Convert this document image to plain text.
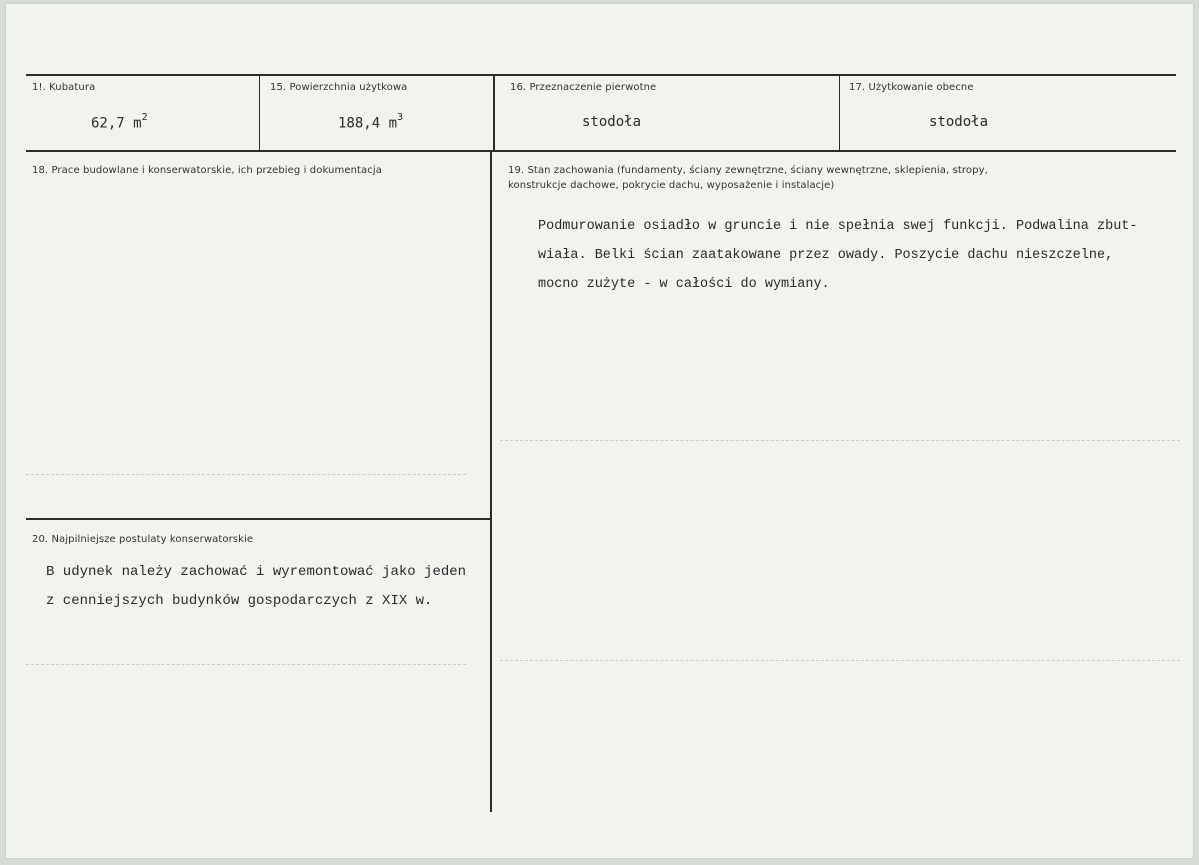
1!. Kubatura
62,7 $m^2$
15. Powierzchnia użytkowa
188,4 $m^3$
16. Przeznaczenie pierwotne
stodoła
17. Użytkowanie obecne
stodoła
18. Prace budowlane i konserwatorskie, ich przebieg i dokumentacja	19. Stan zachowania (fundamenty, ściany zewnętrzne, ściany wewnętrzne, sklepienia, stropy,
konstrukcje dachowe, pokrycie dachu, wyposażenie i instalacje)
Podmurowanie osiadło w gruncie i nie spełnia swej funkcji. Podwalina zbut-
wiała. Belki ścian zaatakowane przez owady. Poszycie dachu nieszczelne,
mocno zużyte - w całości do wymiany.
20. Najpilniejsze postulaty konserwatorskie
B udynek należy zachować i wyremontować jako jeden
z cenniejszych budynków gospodarczych z XIX w.
